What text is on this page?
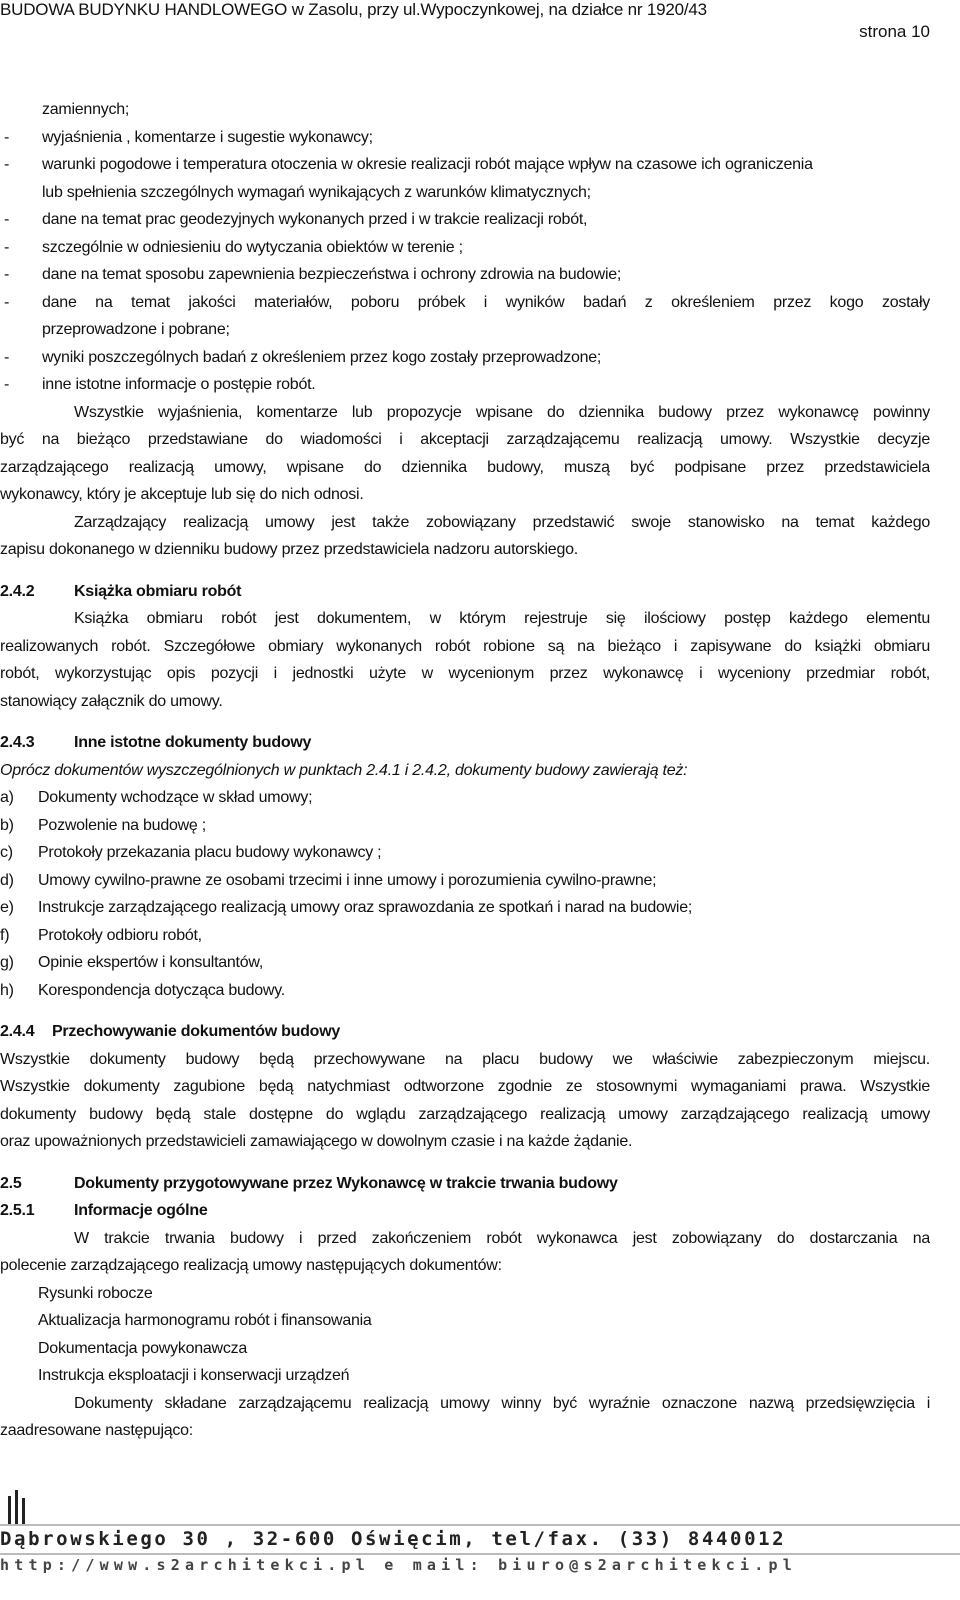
BUDOWA BUDYNKU HANDLOWEGO w Zasolu, przy ul.Wypoczynkowej, na działce nr 1920/43
strona 10
zamiennych;
- wyjaśnienia , komentarze i sugestie wykonawcy;
- warunki pogodowe i temperatura otoczenia w okresie realizacji robót mające wpływ na czasowe ich ograniczenia
lub spełnienia szczególnych wymagań wynikających z warunków klimatycznych;
- dane na temat prac geodezyjnych wykonanych przed i w trakcie realizacji robót,
- szczególnie w odniesieniu do wytyczania obiektów w terenie ;
- dane na temat sposobu zapewnienia bezpieczeństwa i ochrony zdrowia na budowie;
- dane na temat jakości materiałów, poboru próbek i wyników badań z określeniem przez kogo zostały
przeprowadzone i pobrane;
- wyniki poszczególnych badań z określeniem przez kogo zostały przeprowadzone;
- inne istotne informacje o postępie robót.
Wszystkie wyjaśnienia, komentarze lub propozycje wpisane do dziennika budowy przez wykonawcę powinny
być na bieżąco przedstawiane do wiadomości i akceptacji zarządzającemu realizacją umowy. Wszystkie decyzje
zarządzającego realizacją umowy, wpisane do dziennika budowy, muszą być podpisane przez przedstawiciela
wykonawcy, który je akceptuje lub się do nich odnosi.
Zarządzający realizacją umowy jest także zobowiązany przedstawić swoje stanowisko na temat każdego
zapisu dokonanego w dzienniku budowy przez przedstawiciela nadzoru autorskiego.
2.4.2 Książka obmiaru robót
Książka obmiaru robót jest dokumentem, w którym rejestruje się ilościowy postęp każdego elementu
realizowanych robót. Szczegółowe obmiary wykonanych robót robione są na bieżąco i zapisywane do książki obmiaru
robót, wykorzystując opis pozycji i jednostki użyte w wycenionym przez wykonawcę i wyceniony przedmiar robót,
stanowiący załącznik do umowy.
2.4.3 Inne istotne dokumenty budowy
Oprócz dokumentów wyszczególnionych w punktach 2.4.1 i 2.4.2, dokumenty budowy zawierają też:
a) Dokumenty wchodzące w skład umowy;
b) Pozwolenie na budowę ;
c) Protokoły przekazania placu budowy wykonawcy ;
d) Umowy cywilno-prawne ze osobami trzecimi i inne umowy i porozumienia cywilno-prawne;
e) Instrukcje zarządzającego realizacją umowy oraz sprawozdania ze spotkań i narad na budowie;
f) Protokoły odbioru robót,
g) Opinie ekspertów i konsultantów,
h) Korespondencja dotycząca budowy.
2.4.4 Przechowywanie dokumentów budowy
Wszystkie dokumenty budowy będą przechowywane na placu budowy we właściwie zabezpieczonym miejscu.
Wszystkie dokumenty zagubione będą natychmiast odtworzone zgodnie ze stosownymi wymaganiami prawa. Wszystkie
dokumenty budowy będą stale dostępne do wglądu zarządzającego realizacją umowy zarządzającego realizacją umowy
oraz upoważnionych przedstawicieli zamawiającego w dowolnym czasie i na każde żądanie.
2.5	Dokumenty przygotowywane przez Wykonawcę w trakcie trwania budowy
2.5.1 Informacje ogólne
W trakcie trwania budowy i przed zakończeniem robót wykonawca jest zobowiązany do dostarczania na
polecenie zarządzającego realizacją umowy następujących dokumentów:
Rysunki robocze
Aktualizacja harmonogramu robót i finansowania
Dokumentacja powykonawcza
Instrukcja eksploatacji i konserwacji urządzeń
Dokumenty składane zarządzającemu realizacją umowy winny być wyraźnie oznaczone nazwą przedsięwzięcia i
zaadresowane następująco:
Dąbrowskiego 30 , 32-600 Oświęcim, tel/fax. (33) 8440012
http://www.s2architekci.pl e mail: biuro@s2architekci.pl
